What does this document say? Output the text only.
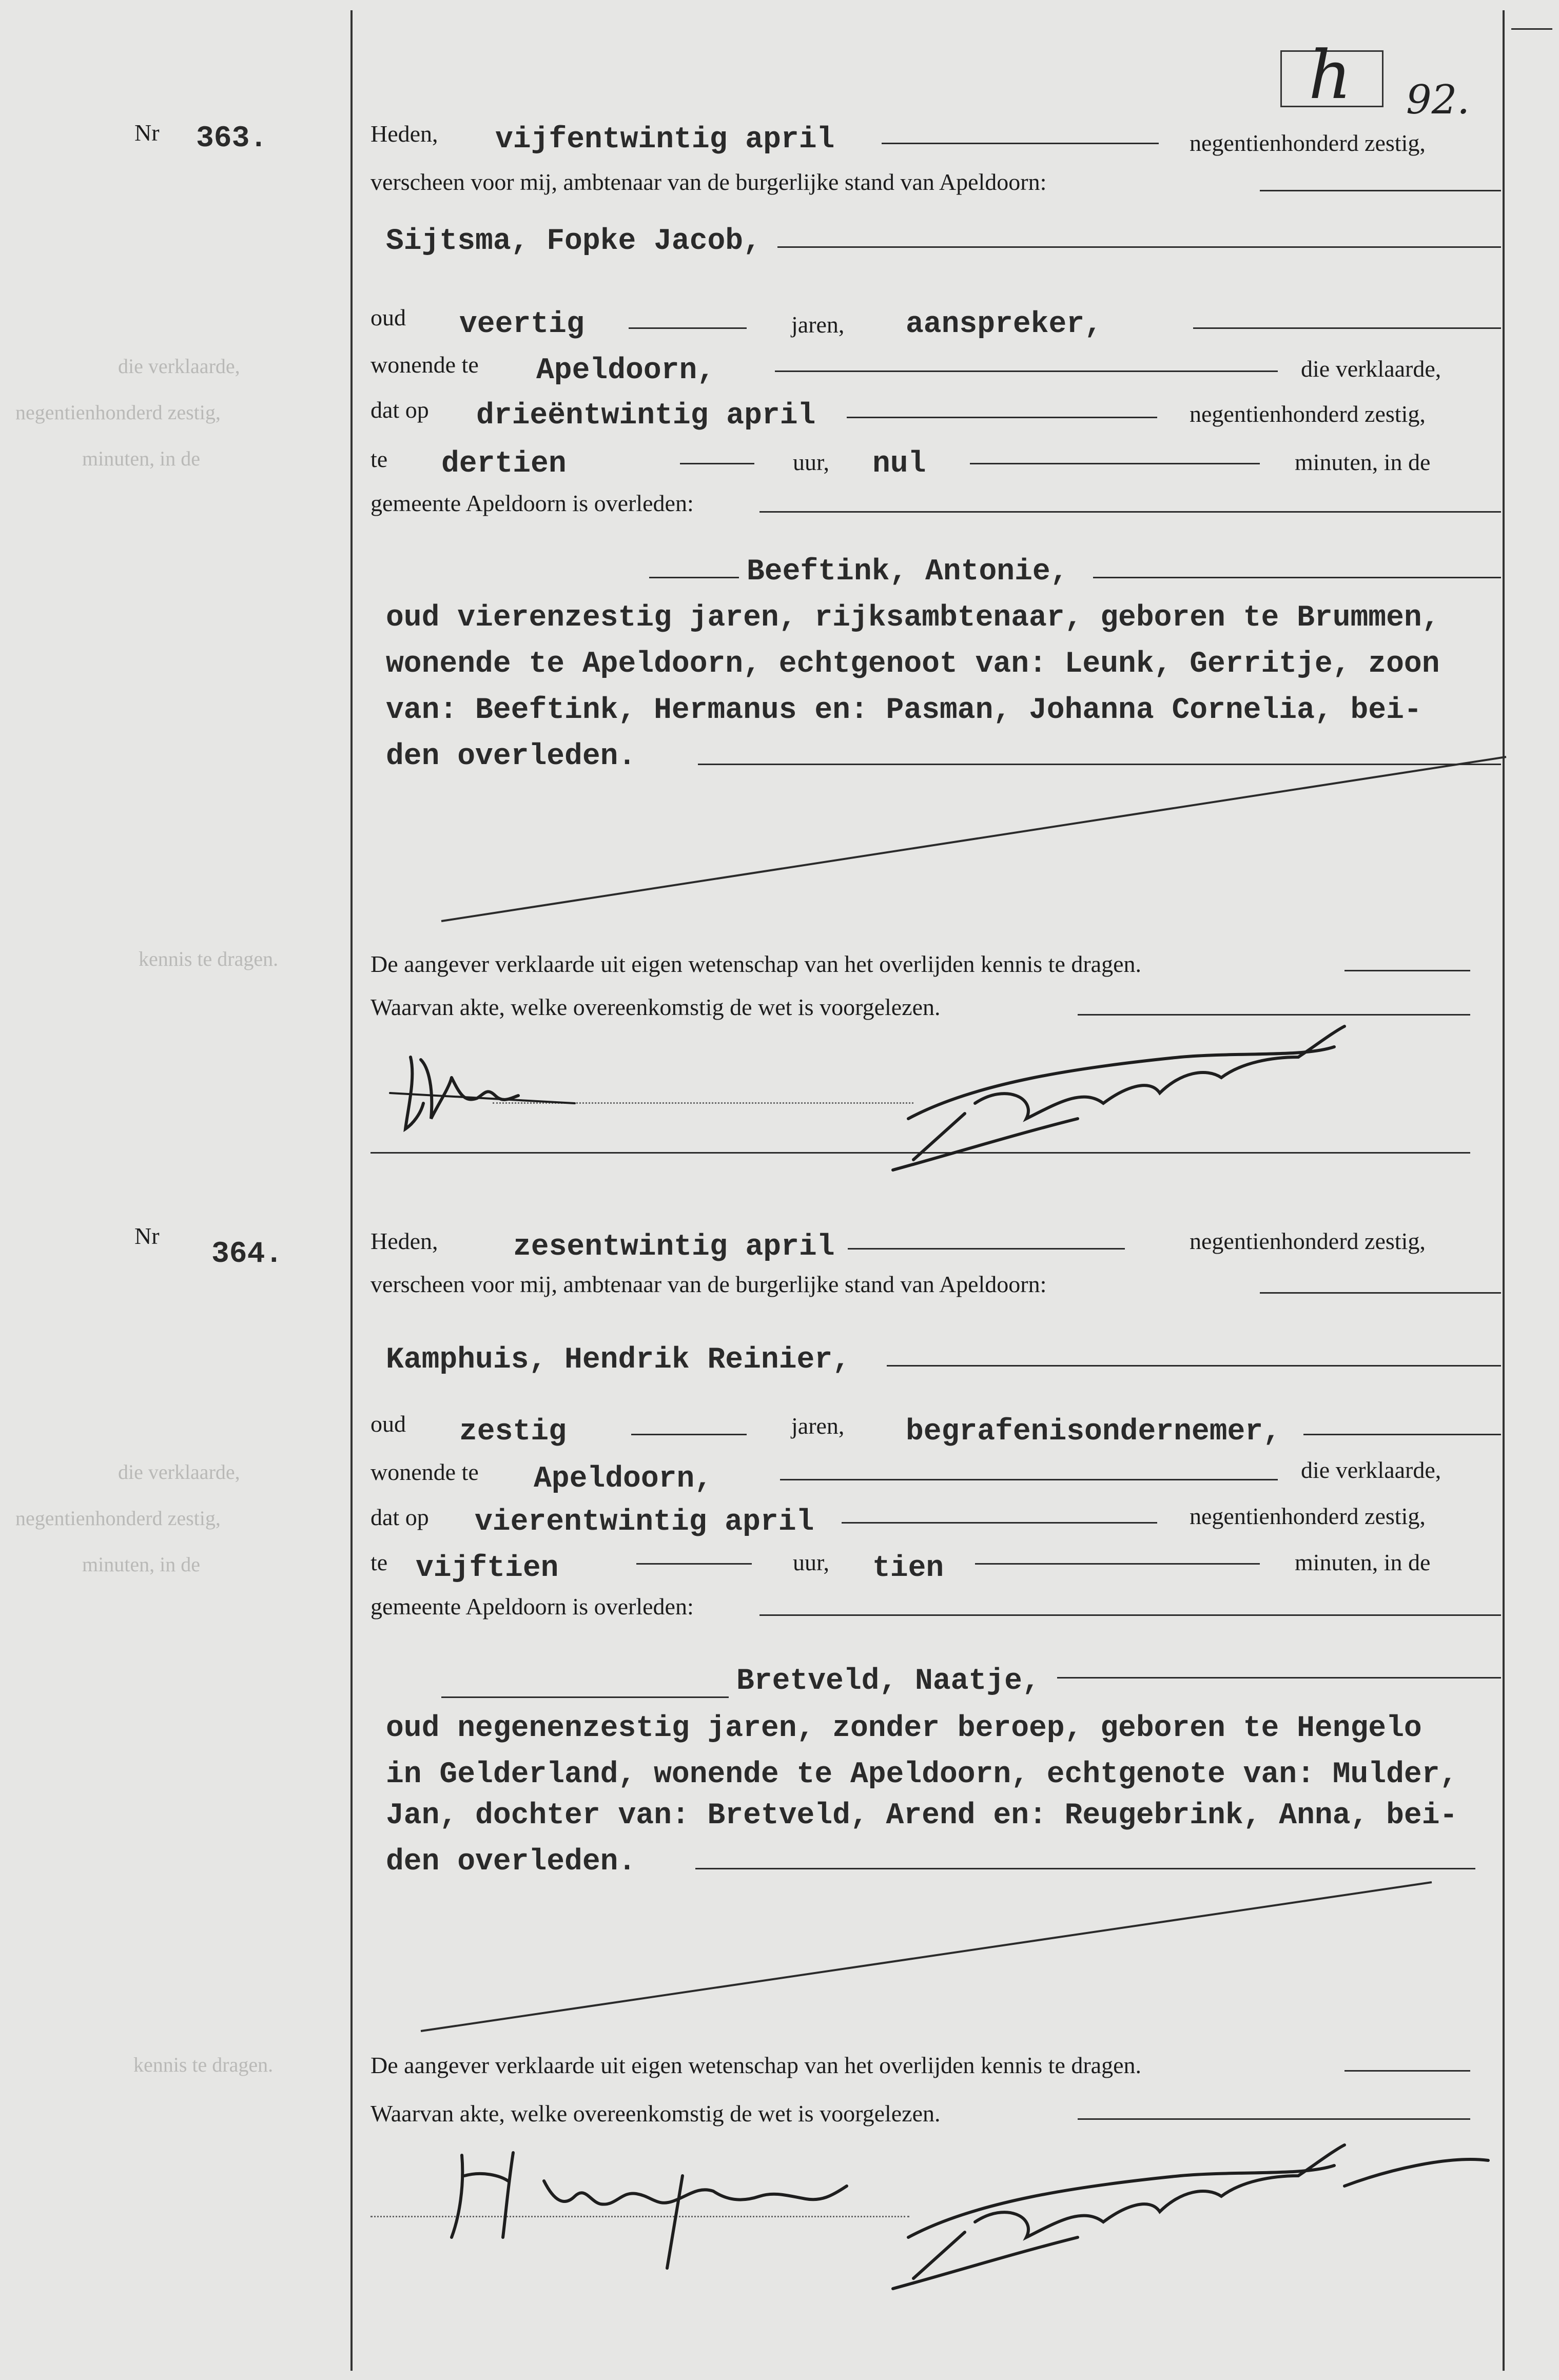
die verklaarde,
negentienhonderd zestig,
minuten, in de
kennis te dragen.
die verklaarde,
negentienhonderd zestig,
minuten, in de
kennis te dragen.
h 92.
Nr 363.	Heden, vijfentwintig april	negentienhonderd zestig,
verscheen voor mij, ambtenaar van de burgerlijke stand van Apeldoorn:
Sijtsma, Fopke Jacob,
oud veertig	jaren, aanspreker,
wonende te Apeldoorn,	die verklaarde,
dat op drieëntwintig april	negentienhonderd zestig,
te dertien	uur, nul	minuten, in de
gemeente Apeldoorn is overleden:
Beeftink, Antonie,
oud vierenzestig jaren, rijksambtenaar, geboren te Brummen,
wonende te Apeldoorn, echtgenoot van: Leunk, Gerritje, zoon
van: Beeftink, Hermanus en: Pasman, Johanna Cornelia, bei-
den overleden.
De aangever verklaarde uit eigen wetenschap van het overlijden kennis te dragen.
Waarvan akte, welke overeenkomstig de wet is voorgelezen.
Nr
364.	Heden,	zesentwintig april	negentienhonderd zestig,
verscheen voor mij, ambtenaar van de burgerlijke stand van Apeldoorn:
Kamphuis, Hendrik Reinier,
oud zestig	jaren, begrafenisondernemer,
wonende te Apeldoorn,	die verklaarde,
dat op vierentwintig april	negentienhonderd zestig,
te vijftien	uur, tien	minuten, in de
gemeente Apeldoorn is overleden:
Bretveld, Naatje,
oud negenenzestig jaren, zonder beroep, geboren te Hengelo
in Gelderland, wonende te Apeldoorn, echtgenote van: Mulder,
Jan, dochter van: Bretveld, Arend en: Reugebrink, Anna, bei-
den overleden.
De aangever verklaarde uit eigen wetenschap van het overlijden kennis te dragen.
Waarvan akte, welke overeenkomstig de wet is voorgelezen.
